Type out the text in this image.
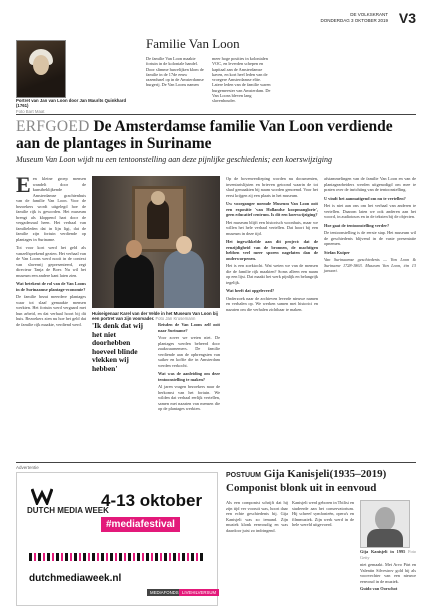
DE VOLKSKRANT
DONDERDAG 3 OKTOBER 2019 V3
Familie Van Loon
De familie Van Loon maakte fortuin in de koloniale handel. Door slimme huwelijken klom de familie in de 17de eeuw razendsnel op in de Amsterdamse burgerij. De Van Loons namen
meer hoge posities in kolonialen VOC, en leverden schepen en kapitaal aan de Amsterdamse kaven, en kort heel leden van de vroegere Amsterdamse elite. Latere leden van de familie waren burgemeester van Amsterdam. De Van Loons bleven lang slavenhouder.
Portret van Jan van Loon door Jan Maurits Quinkhard (1761)
Foto Bart Maat
ERFGOED De Amsterdamse familie Van Loon verdiende aan de plantages in Suriname
Museum Van Loon wijdt nu een tentoonstelling aan deze pijnlijke geschiedenis; een koerswijziging
E en kleine groep mensen wandelt door de kunstbeklijkende Amsterdamse grachtenhuis van de familie Van Loon. Voor de bezoekers wordt uitgelegd hoe de familie rijk is geworden. Het museum brengt als kloppend hart door de vergaderzaal heen. Het verhaal van familieleden dat in lijn ligt, dat de familie zijn fortuin verdiende op plantages in Suriname.

Tot voor kort werd het geld als vanzelfsprekend gezien. Het verhaal van de Van Loons werd nooit in de context van slavernij gepresenteerd, zegt directeur Tanja de Boer. Nu wil het museum een andere kant laten zien.

Wat betekent de rol van de Van Loons in de Surinaamse plantage-economie?

De familie bezat meerdere plantages waar tot slaaf gemaakte mensen werkten. Het fortuin werd vergaard met hun arbeid, en dat verhaal hoort bij dit huis. Bezoekers zien nu hoe het geld dat de familie rijk maakte, verdiend werd.

Huiseigenaar Karel van der Velde in het Museum Van Loon bij een portret van zijn voorvader. Foto Jan Krusemann
'Ik denk dat wij het niet doorhebben hoeveel blinde vlekken wij hebben'

Reisden de Van Loons zelf ooit naar Suriname?

Voor zover we weten niet. De plantages werden beheerd door zaakwaarnemers. De familie verdiende aan de opbrengsten van suiker en koffie die in Amsterdam werden verkocht.

Wat was de aanleiding om deze tentoonstelling te maken?

Al jaren vragen bezoekers naar de herkomst van het fortuin. We wilden dat verhaal eerlijk vertellen, samen met nazaten van mensen die op de plantages werkten.

Op de bovenverdieping worden nu documenten, inventarislijsten en brieven getoond waarin de tot slaaf gemaakten bij naam worden genoemd. Voor het eerst krijgen zij een plaats in het museum.

Uw voorganger noemde Museum Van Loon ooit een expositie 'van Hollandse koopmanglorie', geen educatief centrum. Is dit een koerswijziging?

Het museum blijft een historisch woonhuis, maar we willen het hele verhaal vertellen. Dat hoort bij een museum in deze tijd.

Het ingewikkelde aan dit project: dat de eenzijdigheid van de bronnen, de machtigen hebben veel meer sporen nagelaten dan de onderworpenen.

Het is een zoektocht. Wat weten we van de mensen die de familie rijk maakten? Soms alleen een naam op een lijst. Dat maakt het werk pijnlijk en belangrijk tegelijk.

Wat heeft dat opgeleverd?

Onderzoek naar de archieven leverde nieuwe namen en verhalen op. We werken samen met historici en nazaten om die verhalen zichtbaar te maken.

afstammelingen van de familie Van Loon en van de plantagearbeiders werden uitgenodigd om mee te praten over de inrichting van de tentoonstelling.

U vindt het aanmatigend om nu te vertellen?

Het is niet aan ons om het verhaal van anderen te vertellen. Daarom laten we ook anderen aan het woord, in audiotours en in de teksten bij de objecten.

Hoe gaat de tentoonstelling verder?

De tentoonstelling is de eerste stap. Het museum wil de geschiedenis blijvend in de vaste presentatie opnemen.

Stefan Kuiper

Van Surinaamse geschiedenis — Van Loon & Suriname 1728-1863. Museum Van Loon, t/m 13 januari.

Advertentie
DUTCH MEDIA WEEK
4-13 oktober
#mediafestival
dutchmediaweek.nl
MEDIAFONDS LIVEHILVERSUM
POSTUUM Gija Kanisjeli(1935–2019)
Componist blonk uit in eenvoud

Als een componist schrijft dat hij zijn tijd ver vooruit was, hoort daar een echte geschiedenis bij. Gija Kanisjeli was zo iemand. Zijn muziek klonk eenvoudig en was daardoor juist zo indringend.

Kanisjeli werd geboren in Tbilisi en studeerde aan het conservatorium. Hij schreef symfonieën, opera's en filmmuziek. Zijn werk werd in de hele wereld uitgevoerd.

Gija Kanisjeli in 1995 Foto Getty

niet gemaakt. Met Arvo Pärt en Valentin Silvestrov gold hij als voorvechter van een nieuwe eenvoud in de muziek.

Guido van Oorschot
